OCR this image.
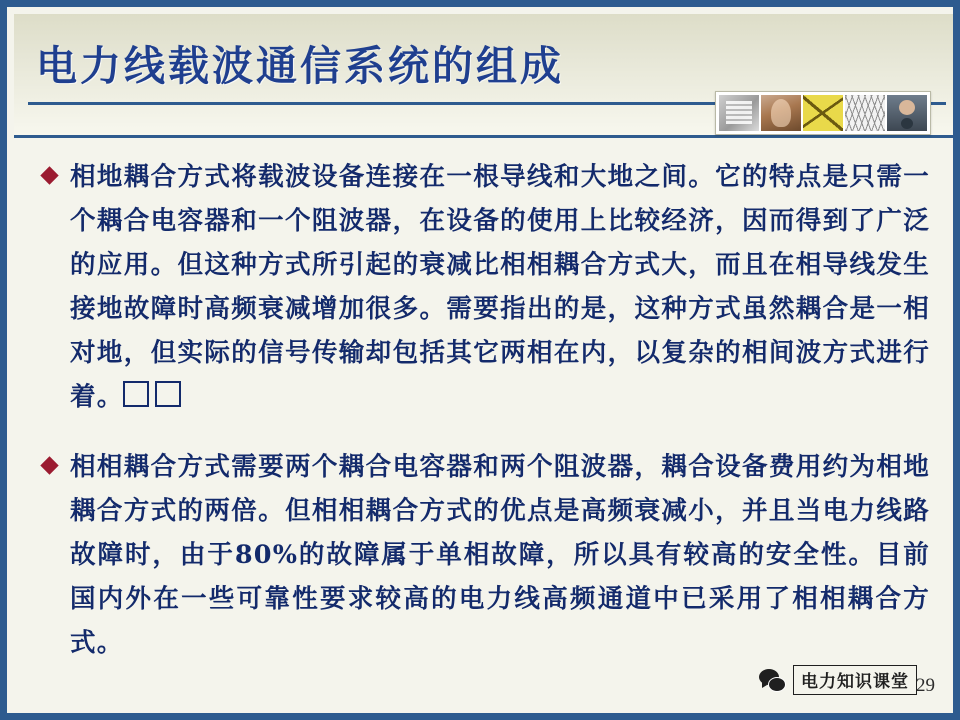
电力线载波通信系统的组成
相地耦合方式将载波设备连接在一根导线和大地之间。它的特点是只需一个耦合电容器和一个阻波器，在设备的使用上比较经济，因而得到了广泛的应用。但这种方式所引起的衰减比相相耦合方式大，而且在相导线发生接地故障时高频衰减增加很多。需要指出的是，这种方式虽然耦合是一相对地，但实际的信号传输却包括其它两相在内，以复杂的相间波方式进行着。
相相耦合方式需要两个耦合电容器和两个阻波器，耦合设备费用约为相地耦合方式的两倍。但相相耦合方式的优点是高频衰减小，并且当电力线路故障时，由于80%的故障属于单相故障，所以具有较高的安全性。目前国内外在一些可靠性要求较高的电力线高频通道中已采用了相相耦合方式。
电力知识课堂 29
